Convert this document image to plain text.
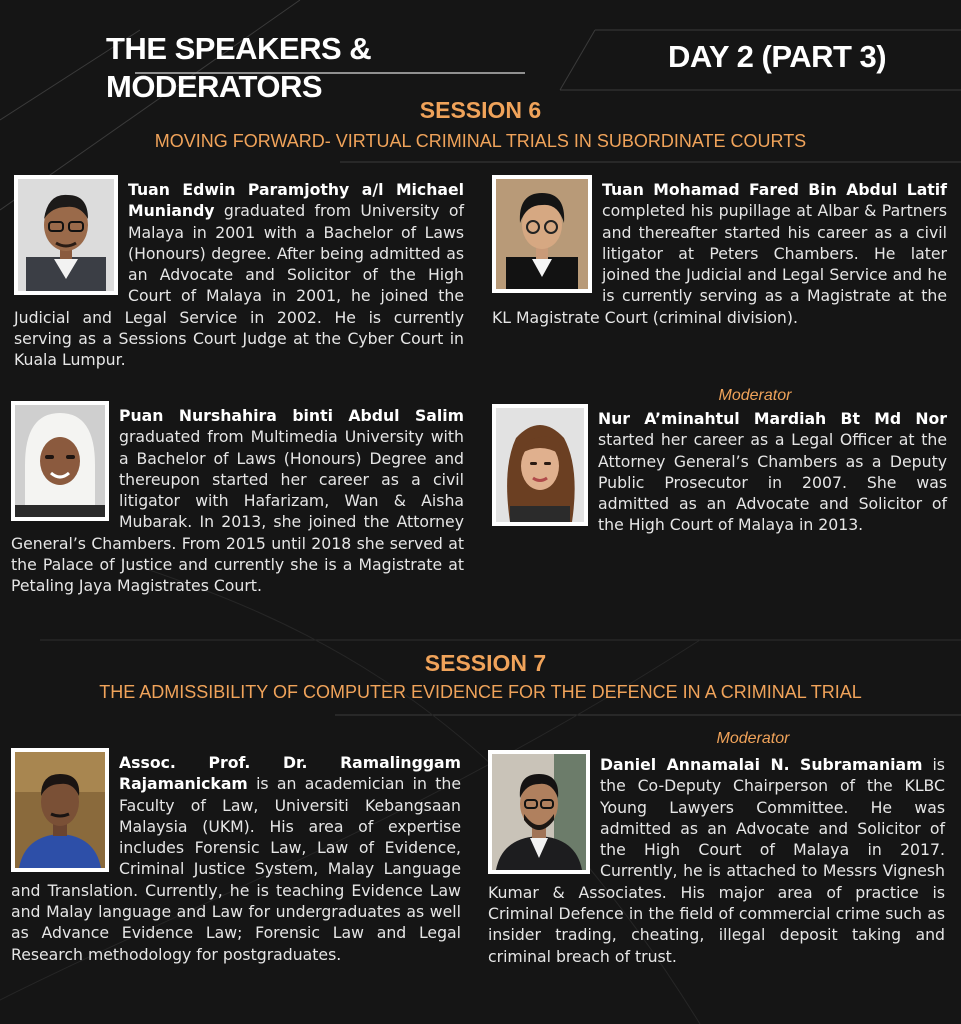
THE SPEAKERS & MODERATORS
DAY 2 (PART 3)
SESSION 6
MOVING FORWARD- VIRTUAL CRIMINAL TRIALS IN SUBORDINATE COURTS
Tuan Edwin Paramjothy a/l Michael Muniandy graduated from University of Malaya in 2001 with a Bachelor of Laws (Honours) degree. After being admitted as an Advocate and Solicitor of the High Court of Malaya in 2001, he joined the Judicial and Legal Service in 2002. He is currently serving as a Sessions Court Judge at the Cyber Court in Kuala Lumpur.
Tuan Mohamad Fared Bin Abdul Latif completed his pupillage at Albar & Partners and thereafter started his career as a civil litigator at Peters Chambers. He later joined the Judicial and Legal Service and he is currently serving as a Magistrate at the KL Magistrate Court (criminal division).
Puan Nurshahira binti Abdul Salim graduated from Multimedia University with a Bachelor of Laws (Honours) Degree and thereupon started her career as a civil litigator with Hafarizam, Wan & Aisha Mubarak. In 2013, she joined the Attorney General’s Chambers. From 2015 until 2018 she served at the Palace of Justice and currently she is a Magistrate at Petaling Jaya Magistrates Court.
Moderator
Nur A’minahtul Mardiah Bt Md Nor started her career as a Legal Officer at the Attorney General’s Chambers as a Deputy Public Prosecutor in 2007. She was admitted as an Advocate and Solicitor of the High Court of Malaya in 2013.
SESSION 7
THE ADMISSIBILITY OF COMPUTER EVIDENCE FOR THE DEFENCE IN A CRIMINAL TRIAL
Moderator
Assoc. Prof. Dr. Ramalinggam Rajamanickam is an academician in the Faculty of Law, Universiti Kebangsaan Malaysia (UKM). His area of expertise includes Forensic Law, Law of Evidence, Criminal Justice System, Malay Language and Translation. Currently, he is teaching Evidence Law and Malay language and Law for undergraduates as well as Advance Evidence Law; Forensic Law and Legal Research methodology for postgraduates.
Daniel Annamalai N. Subramaniam is the Co-Deputy Chairperson of the KLBC Young Lawyers Committee. He was admitted as an Advocate and Solicitor of the High Court of Malaya in 2017. Currently, he is attached to Messrs Vignesh Kumar & Associates. His major area of practice is Criminal Defence in the field of commercial crime such as insider trading, cheating, illegal deposit taking and criminal breach of trust.
